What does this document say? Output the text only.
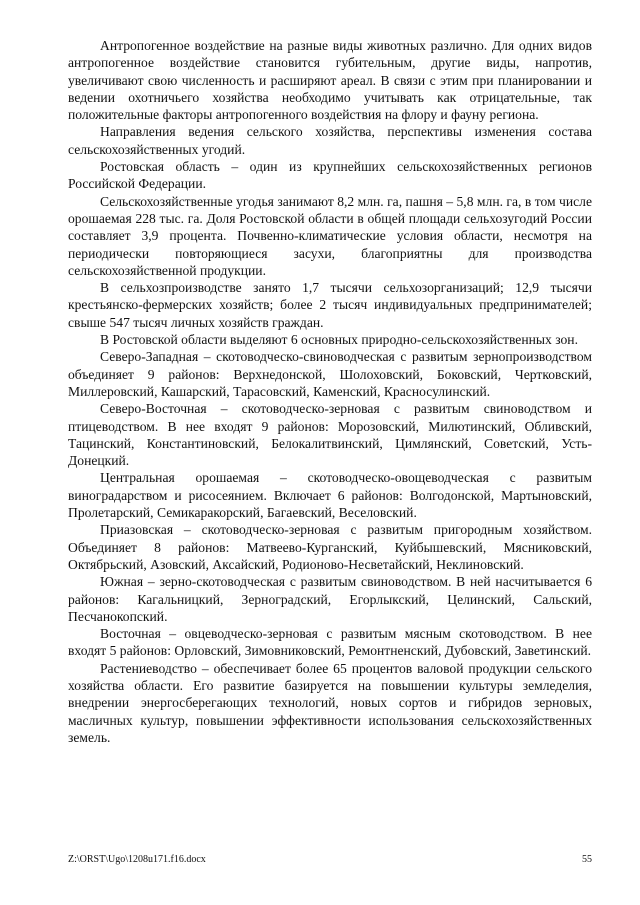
Антропогенное воздействие на разные виды животных различно. Для одних видов антропогенное воздействие становится губительным, другие виды, напротив, увеличивают свою численность и расширяют ареал. В связи с этим при планировании и ведении охотничьего хозяйства необходимо учитывать как отрицательные, так положительные факторы антропогенного воздействия на флору и фауну региона.

Направления ведения сельского хозяйства, перспективы изменения состава сельскохозяйственных угодий.

Ростовская область – один из крупнейших сельскохозяйственных регионов Российской Федерации.

Сельскохозяйственные угодья занимают 8,2 млн. га, пашня – 5,8 млн. га, в том числе орошаемая 228 тыс. га. Доля Ростовской области в общей площади сельхозугодий России составляет 3,9 процента. Почвенно-климатические условия области, несмотря на периодически повторяющиеся засухи, благоприятны для производства сельскохозяйственной продукции.

В сельхозпроизводстве занято 1,7 тысячи сельхозорганизаций; 12,9 тысячи крестьянско-фермерских хозяйств; более 2 тысяч индивидуальных предпринимателей; свыше 547 тысяч личных хозяйств граждан.

В Ростовской области выделяют 6 основных природно-сельскохозяйственных зон.

Северо-Западная – скотоводческо-свиноводческая с развитым зернопроизводством объединяет 9 районов: Верхнедонской, Шолоховский, Боковский, Чертковский, Миллеровский, Кашарский, Тарасовский, Каменский, Красносулинский.

Северо-Восточная – скотоводческо-зерновая с развитым свиноводством и птицеводством. В нее входят 9 районов: Морозовский, Милютинский, Обливский, Тацинский, Константиновский, Белокалитвинский, Цимлянский, Советский, Усть-Донецкий.

Центральная орошаемая – скотоводческо-овощеводческая с развитым виноградарством и рисосеянием. Включает 6 районов: Волгодонской, Мартыновский, Пролетарский, Семикаракорский, Багаевский, Веселовский.

Приазовская – скотоводческо-зерновая с развитым пригородным хозяйством. Объединяет 8 районов: Матвеево-Курганский, Куйбышевский, Мясниковский, Октябрьский, Азовский, Аксайский, Родионово-Несветайский, Неклиновский.

Южная – зерно-скотоводческая с развитым свиноводством. В ней насчитывается 6 районов: Кагальницкий, Зерноградский, Егорлыкский, Целинский, Сальский, Песчанокопский.

Восточная – овцеводческо-зерновая с развитым мясным скотоводством. В нее входят 5 районов: Орловский, Зимовниковский, Ремонтненский, Дубовский, Заветинский.

Растениеводство – обеспечивает более 65 процентов валовой продукции сельского хозяйства области. Его развитие базируется на повышении культуры земледелия, внедрении энергосберегающих технологий, новых сортов и гибридов зерновых, масличных культур, повышении эффективности использования сельскохозяйственных земель.

Z:\ORST\Ugo\1208u171.f16.docx	55
